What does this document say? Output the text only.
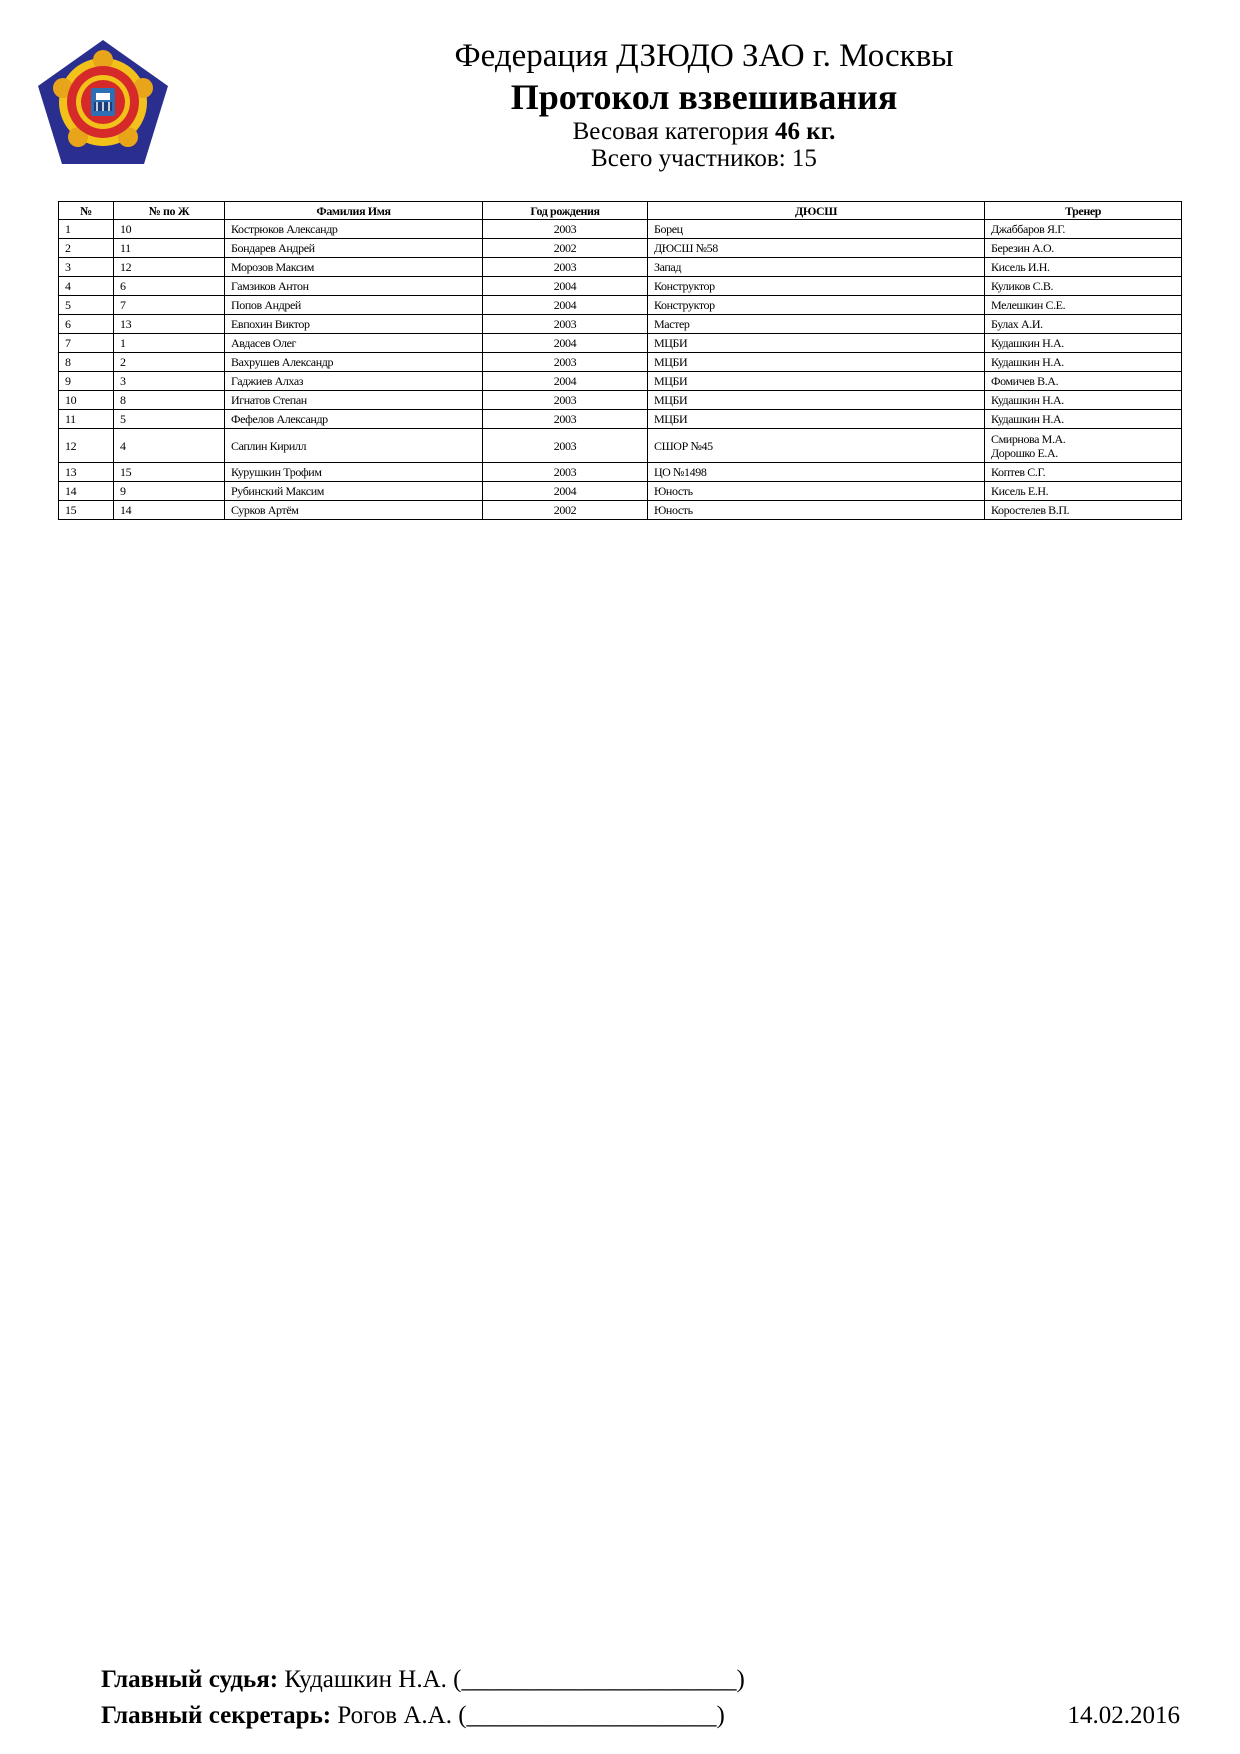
Федерация ДЗЮДО ЗАО г. Москвы
Протокол взвешивания
Весовая категория 46 кг.
Всего участников: 15
№	№ по Ж	Фамилия Имя	Год рождения	ДЮСШ	Тренер
1	10	Кострюков Александр	2003	Борец	Джаббаров Я.Г.
2	11	Бондарев Андрей	2002	ДЮСШ №58	Березин А.О.
3	12	Морозов Максим	2003	Запад	Кисель И.Н.
4	6	Гамзиков Антон	2004	Конструктор	Куликов С.В.
5	7	Попов Андрей	2004	Конструктор	Мелешкин С.Е.
6	13	Евпохин Виктор	2003	Мастер	Булах А.И.
7	1	Авдасев Олег	2004	МЦБИ	Кудашкин Н.А.
8	2	Вахрушев Александр	2003	МЦБИ	Кудашкин Н.А.
9	3	Гаджиев Алхаз	2004	МЦБИ	Фомичев В.А.
10	8	Игнатов Степан	2003	МЦБИ	Кудашкин Н.А.
11	5	Фефелов Александр	2003	МЦБИ	Кудашкин Н.А.
12	4	Саплин Кирилл	2003	СШОР №45	Смирнова М.А.
Дорошко Е.А.

13	15	Курушкин Трофим	2003	ЦО №1498	Коптев С.Г.
14	9	Рубинский Максим	2004	Юность	Кисель Е.Н.
15	14	Сурков Артём	2002	Юность	Коростелев В.П.
Главный судья: Кудашкин Н.А. (______________________)
Главный секретарь: Рогов А.А. (____________________)	14.02.2016
